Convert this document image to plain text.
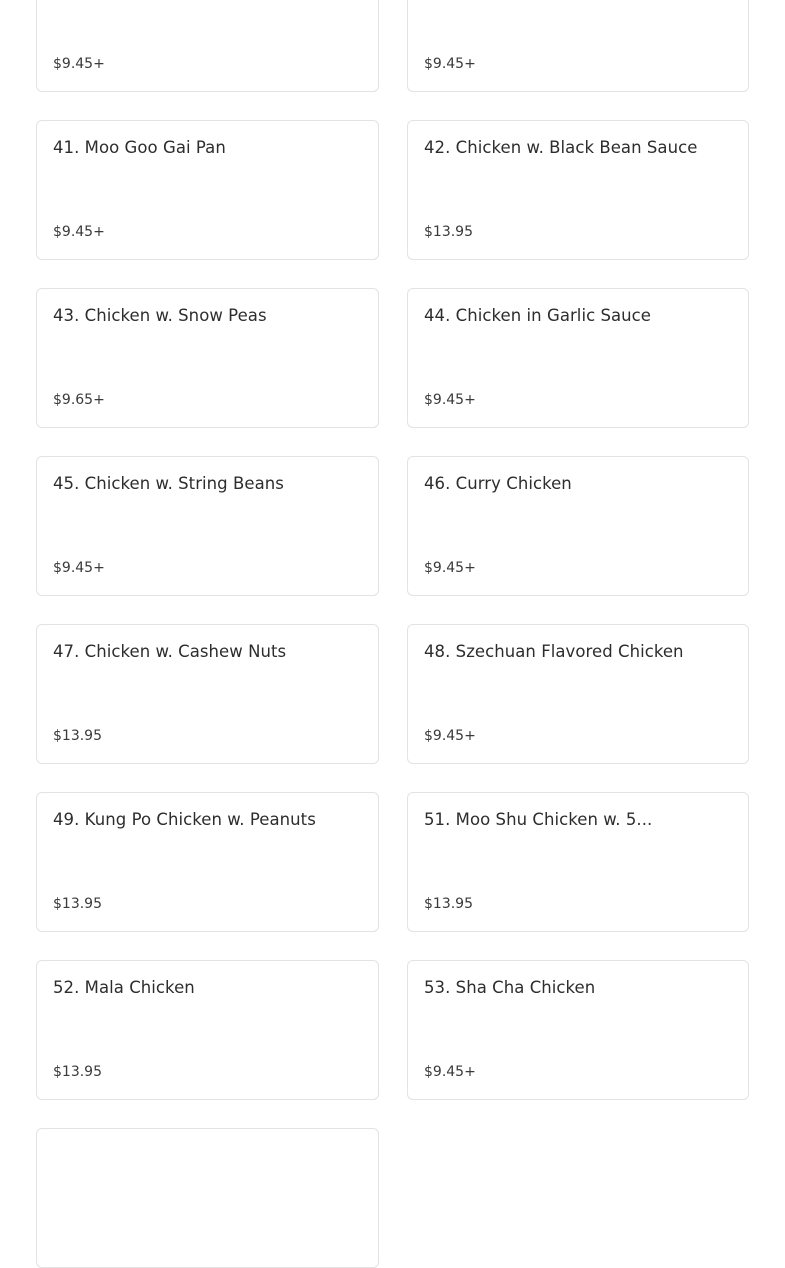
$9.45+	$9.45+
41. Moo Goo Gai Pan
$9.45+
42. Chicken w. Black Bean Sauce
$13.95
43. Chicken w. Snow Peas
$9.65+
44. Chicken in Garlic Sauce
$9.45+
45. Chicken w. String Beans
$9.45+
46. Curry Chicken
$9.45+
47. Chicken w. Cashew Nuts
$13.95
48. Szechuan Flavored Chicken
$9.45+
49. Kung Po Chicken w. Peanuts
$13.95
51. Moo Shu Chicken w. 5...
$13.95
52. Mala Chicken
$13.95
53. Sha Cha Chicken
$9.45+
